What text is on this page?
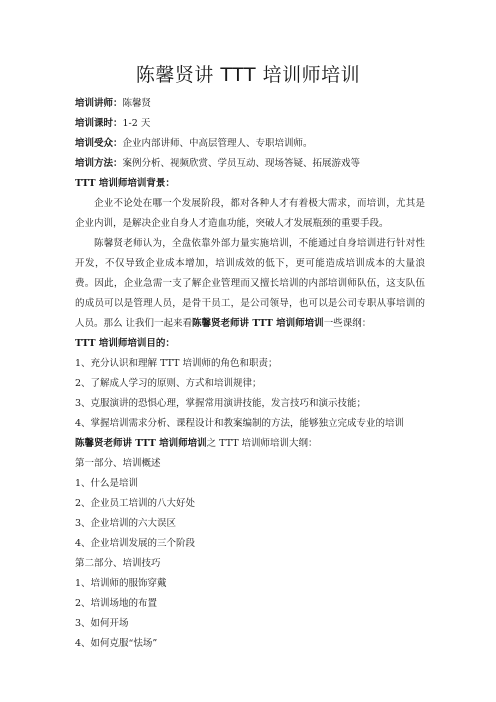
陈馨贤讲 TTT 培训师培训
培训讲师：陈馨贤
培训课时：1-2 天
培训受众：企业内部讲师、中高层管理人、专职培训师。
培训方法：案例分析、视频欣赏、学员互动、现场答疑、拓展游戏等
TTT 培训师培训背景：
企业不论处在哪一个发展阶段，都对各种人才有着极大需求，而培训，尤其是企业内训，是解决企业自身人才造血功能，突破人才发展瓶颈的重要手段。
陈馨贤老师认为，全盘依靠外部力量实施培训，不能通过自身培训进行针对性开发，不仅导致企业成本增加，培训成效的低下，更可能造成培训成本的大量浪费。因此，企业急需一支了解企业管理而又擅长培训的内部培训师队伍，这支队伍的成员可以是管理人员，是骨干员工，是公司领导，也可以是公司专职从事培训的人员。那么 让我们一起来看陈馨贤老师讲 TTT 培训师培训一些课纲：
TTT 培训师培训目的：
1、充分认识和理解 TTT 培训师的角色和职责；
2、了解成人学习的原则、方式和培训规律；
3、克服演讲的恐惧心理，掌握常用演讲技能，发言技巧和演示技能；
4、掌握培训需求分析、课程设计和教案编制的方法，能够独立完成专业的培训
陈馨贤老师讲 TTT 培训师培训之 TTT 培训师培训大纲：
第一部分、培训概述
1、什么是培训
2、企业员工培训的八大好处
3、企业培训的六大误区
4、企业培训发展的三个阶段
第二部分、培训技巧
1、培训师的服饰穿戴
2、培训场地的布置
3、如何开场
4、如何克服“怯场”
